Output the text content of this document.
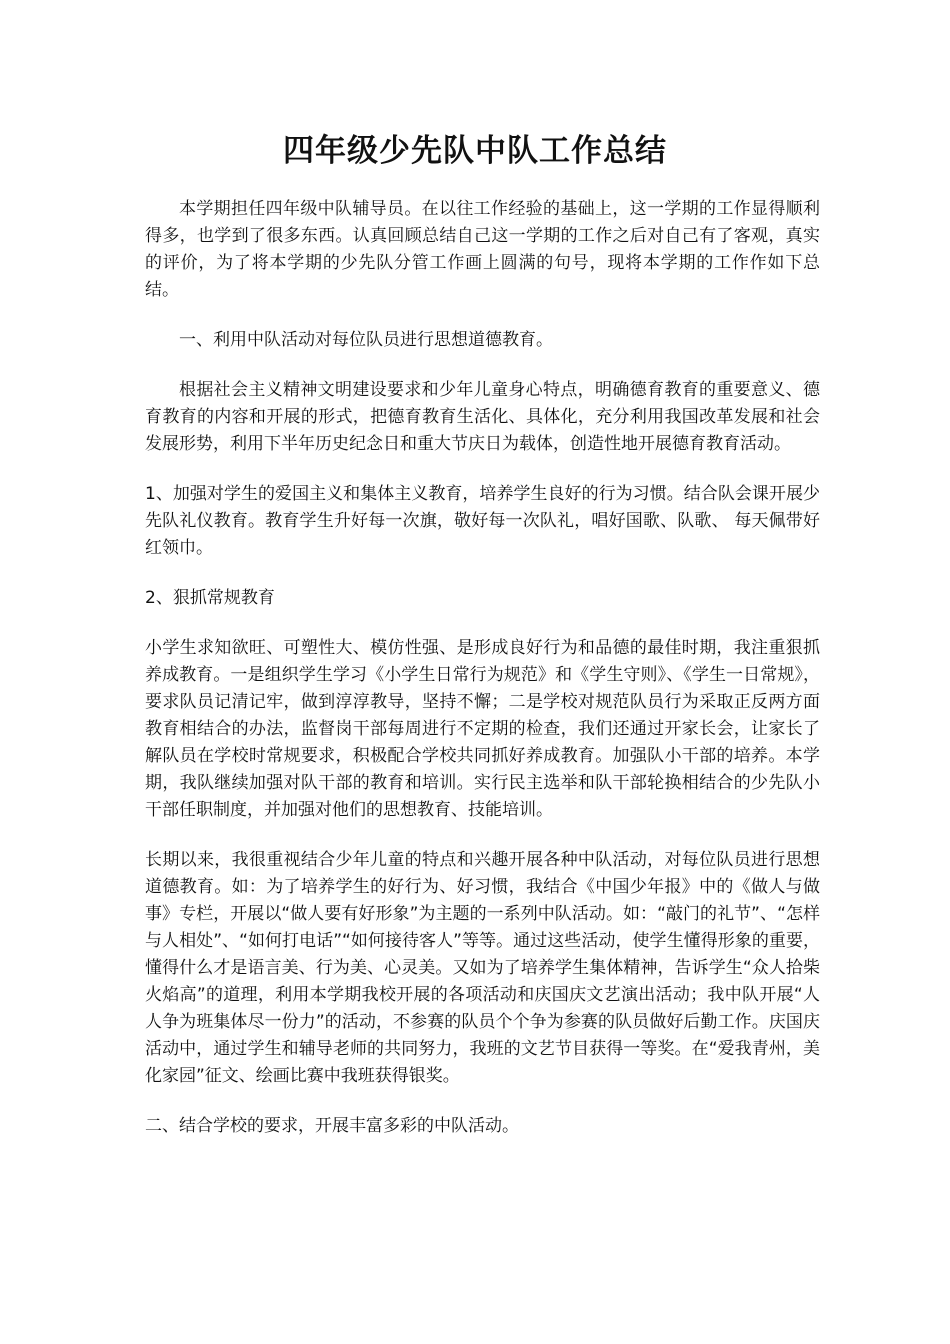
四年级少先队中队工作总结

本学期担任四年级中队辅导员。在以往工作经验的基础上，这一学期的工作显得顺利得多，也学到了很多东西。认真回顾总结自己这一学期的工作之后对自己有了客观，真实的评价，为了将本学期的少先队分管工作画上圆满的句号，现将本学期的工作作如下总结。

一、利用中队活动对每位队员进行思想道德教育。

根据社会主义精神文明建设要求和少年儿童身心特点，明确德育教育的重要意义、德育教育的内容和开展的形式，把德育教育生活化、具体化，充分利用我国改革发展和社会发展形势，利用下半年历史纪念日和重大节庆日为载体，创造性地开展德育教育活动。

1、加强对学生的爱国主义和集体主义教育，培养学生良好的行为习惯。结合队会课开展少先队礼仪教育。教育学生升好每一次旗，敬好每一次队礼，唱好国歌、队歌、 每天佩带好红领巾。

2、狠抓常规教育

小学生求知欲旺、可塑性大、模仿性强、是形成良好行为和品德的最佳时期，我注重狠抓养成教育。一是组织学生学习《小学生日常行为规范》和《学生守则》、《学生一日常规》，要求队员记清记牢，做到淳淳教导，坚持不懈；二是学校对规范队员行为采取正反两方面教育相结合的办法，监督岗干部每周进行不定期的检查，我们还通过开家长会，让家长了解队员在学校时常规要求，积极配合学校共同抓好养成教育。加强队小干部的培养。本学期，我队继续加强对队干部的教育和培训。实行民主选举和队干部轮换相结合的少先队小干部任职制度，并加强对他们的思想教育、技能培训。

长期以来，我很重视结合少年儿童的特点和兴趣开展各种中队活动，对每位队员进行思想道德教育。如：为了培养学生的好行为、好习惯，我结合《中国少年报》中的《做人与做事》专栏，开展以“做人要有好形象”为主题的一系列中队活动。如：“敲门的礼节”、“怎样与人相处”、“如何打电话”“如何接待客人”等等。通过这些活动，使学生懂得形象的重要，懂得什么才是语言美、行为美、心灵美。又如为了培养学生集体精神，告诉学生“众人拾柴火焰高”的道理，利用本学期我校开展的各项活动和庆国庆文艺演出活动；我中队开展“人人争为班集体尽一份力”的活动，不参赛的队员个个争为参赛的队员做好后勤工作。庆国庆活动中，通过学生和辅导老师的共同努力，我班的文艺节目获得一等奖。在“爱我青州，美化家园”征文、绘画比赛中我班获得银奖。

二、结合学校的要求，开展丰富多彩的中队活动。
